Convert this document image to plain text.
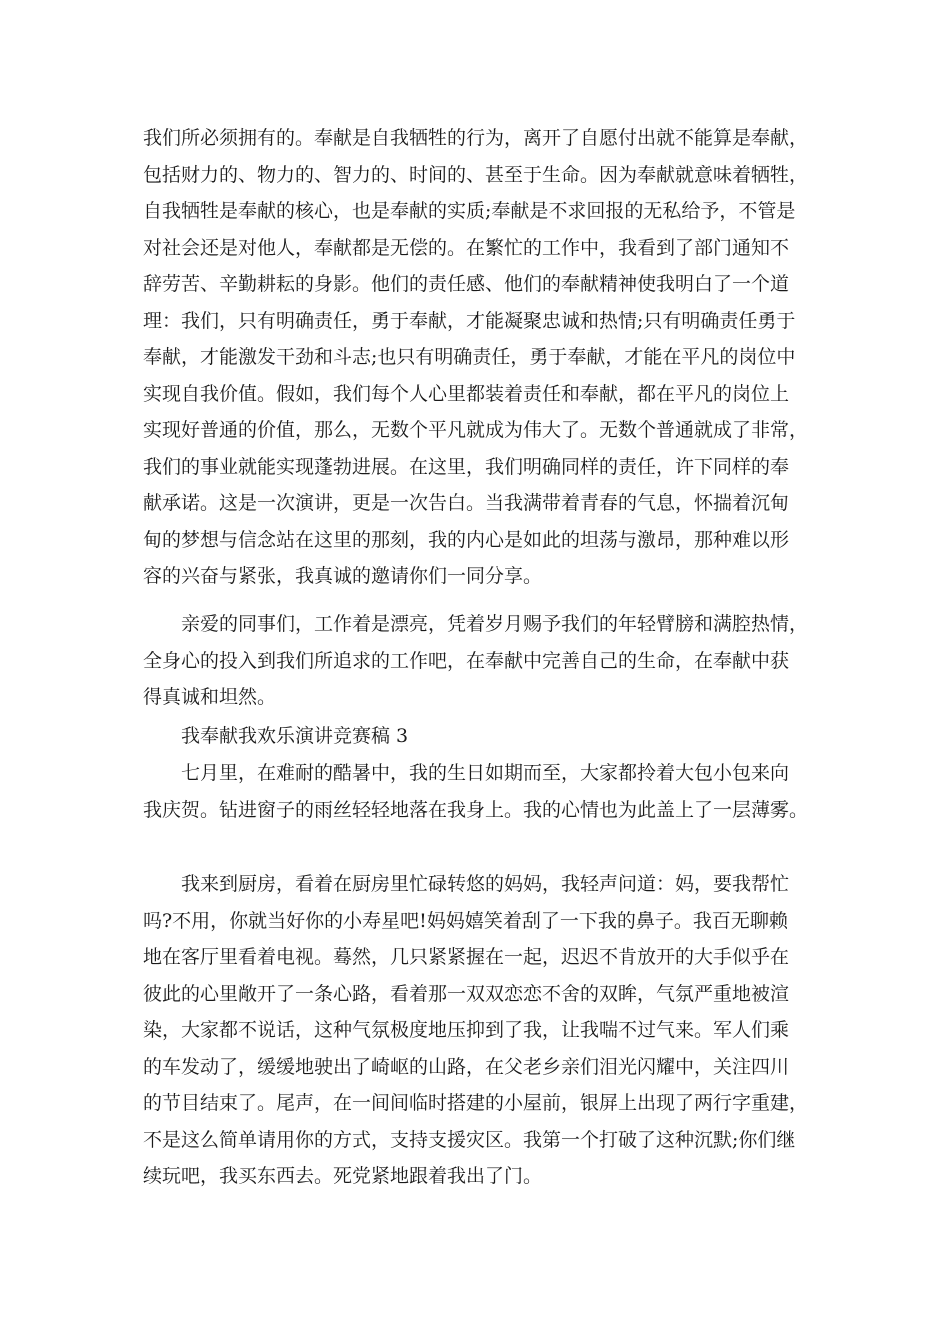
我们所必须拥有的。奉献是自我牺牲的行为，离开了自愿付出就不能算是奉献，
包括财力的、物力的、智力的、时间的、甚至于生命。因为奉献就意味着牺牲，
自我牺牲是奉献的核心，也是奉献的实质;奉献是不求回报的无私给予，不管是
对社会还是对他人，奉献都是无偿的。在繁忙的工作中，我看到了部门通知不
辞劳苦、辛勤耕耘的身影。他们的责任感、他们的奉献精神使我明白了一个道
理：我们，只有明确责任，勇于奉献，才能凝聚忠诚和热情;只有明确责任勇于
奉献，才能激发干劲和斗志;也只有明确责任，勇于奉献，才能在平凡的岗位中
实现自我价值。假如，我们每个人心里都装着责任和奉献，都在平凡的岗位上
实现好普通的价值，那么，无数个平凡就成为伟大了。无数个普通就成了非常，
我们的事业就能实现蓬勃进展。在这里，我们明确同样的责任，许下同样的奉
献承诺。这是一次演讲，更是一次告白。当我满带着青春的气息，怀揣着沉甸
甸的梦想与信念站在这里的那刻，我的内心是如此的坦荡与激昂，那种难以形
容的兴奋与紧张，我真诚的邀请你们一同分享。
　　亲爱的同事们，工作着是漂亮，凭着岁月赐予我们的年轻臂膀和满腔热情，
全身心的投入到我们所追求的工作吧，在奉献中完善自己的生命，在奉献中获
得真诚和坦然。
　　我奉献我欢乐演讲竞赛稿 3
　　七月里，在难耐的酷暑中，我的生日如期而至，大家都拎着大包小包来向
我庆贺。钻进窗子的雨丝轻轻地落在我身上。我的心情也为此盖上了一层薄雾。
　　我来到厨房，看着在厨房里忙碌转悠的妈妈，我轻声问道：妈，要我帮忙
吗?不用，你就当好你的小寿星吧!妈妈嬉笑着刮了一下我的鼻子。我百无聊赖
地在客厅里看着电视。蓦然，几只紧紧握在一起，迟迟不肯放开的大手似乎在
彼此的心里敞开了一条心路，看着那一双双恋恋不舍的双眸，气氛严重地被渲
染，大家都不说话，这种气氛极度地压抑到了我，让我喘不过气来。军人们乘
的车发动了，缓缓地驶出了崎岖的山路，在父老乡亲们泪光闪耀中，关注四川
的节目结束了。尾声，在一间间临时搭建的小屋前，银屏上出现了两行字重建，
不是这么简单请用你的方式，支持支援灾区。我第一个打破了这种沉默;你们继
续玩吧，我买东西去。死党紧地跟着我出了门。
